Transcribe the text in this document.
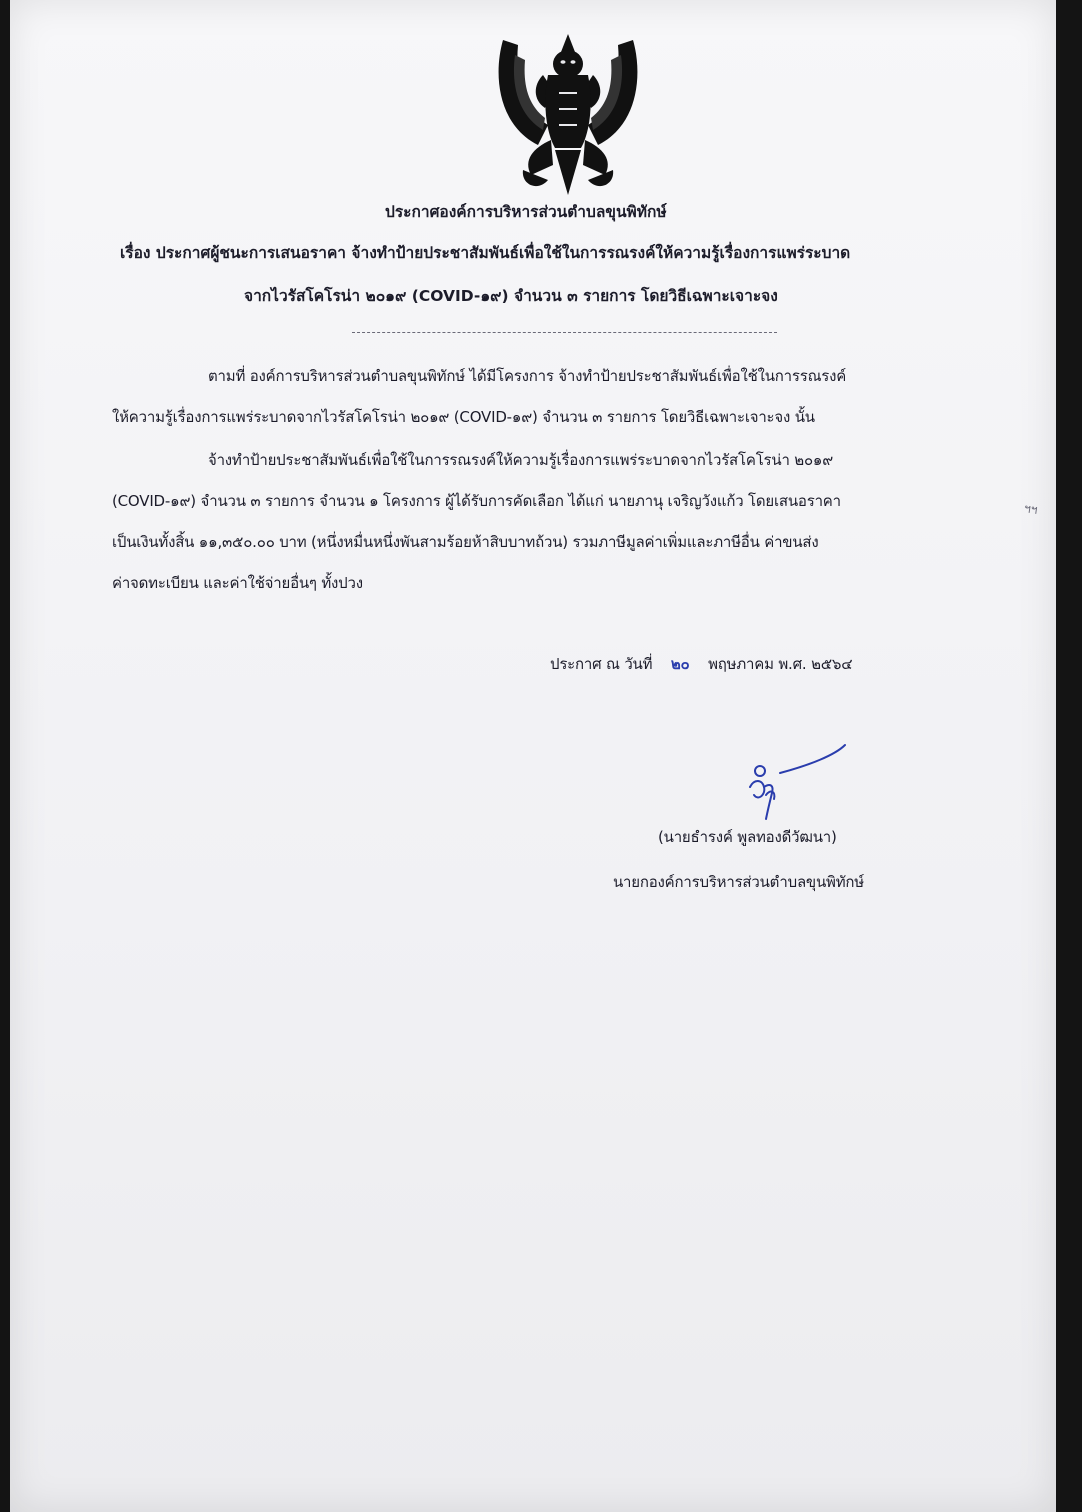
ประกาศองค์การบริหารส่วนตำบลขุนพิทักษ์
เรื่อง ประกาศผู้ชนะการเสนอราคา จ้างทำป้ายประชาสัมพันธ์เพื่อใช้ในการรณรงค์ให้ความรู้เรื่องการแพร่ระบาด
จากไวรัสโคโรน่า ๒๐๑๙ (COVID-๑๙) จำนวน ๓ รายการ โดยวิธีเฉพาะเจาะจง
ตามที่ องค์การบริหารส่วนตำบลขุนพิทักษ์ ได้มีโครงการ จ้างทำป้ายประชาสัมพันธ์เพื่อใช้ในการรณรงค์
ให้ความรู้เรื่องการแพร่ระบาดจากไวรัสโคโรน่า ๒๐๑๙ (COVID-๑๙) จำนวน ๓ รายการ โดยวิธีเฉพาะเจาะจง นั้น
จ้างทำป้ายประชาสัมพันธ์เพื่อใช้ในการรณรงค์ให้ความรู้เรื่องการแพร่ระบาดจากไวรัสโคโรน่า ๒๐๑๙
(COVID-๑๙) จำนวน ๓ รายการ จำนวน ๑ โครงการ ผู้ได้รับการคัดเลือก ได้แก่ นายภานุ เจริญวังแก้ว โดยเสนอราคา
เป็นเงินทั้งสิ้น ๑๑,๓๕๐.๐๐ บาท (หนึ่งหมื่นหนึ่งพันสามร้อยห้าสิบบาทถ้วน) รวมภาษีมูลค่าเพิ่มและภาษีอื่น ค่าขนส่ง
ค่าจดทะเบียน และค่าใช้จ่ายอื่นๆ ทั้งปวง
ฯฯ
ประกาศ ณ วันที่ ๒๐ พฤษภาคม พ.ศ. ๒๕๖๔
(นายธำรงค์ พูลทองดีวัฒนา)
นายกองค์การบริหารส่วนตำบลขุนพิทักษ์
